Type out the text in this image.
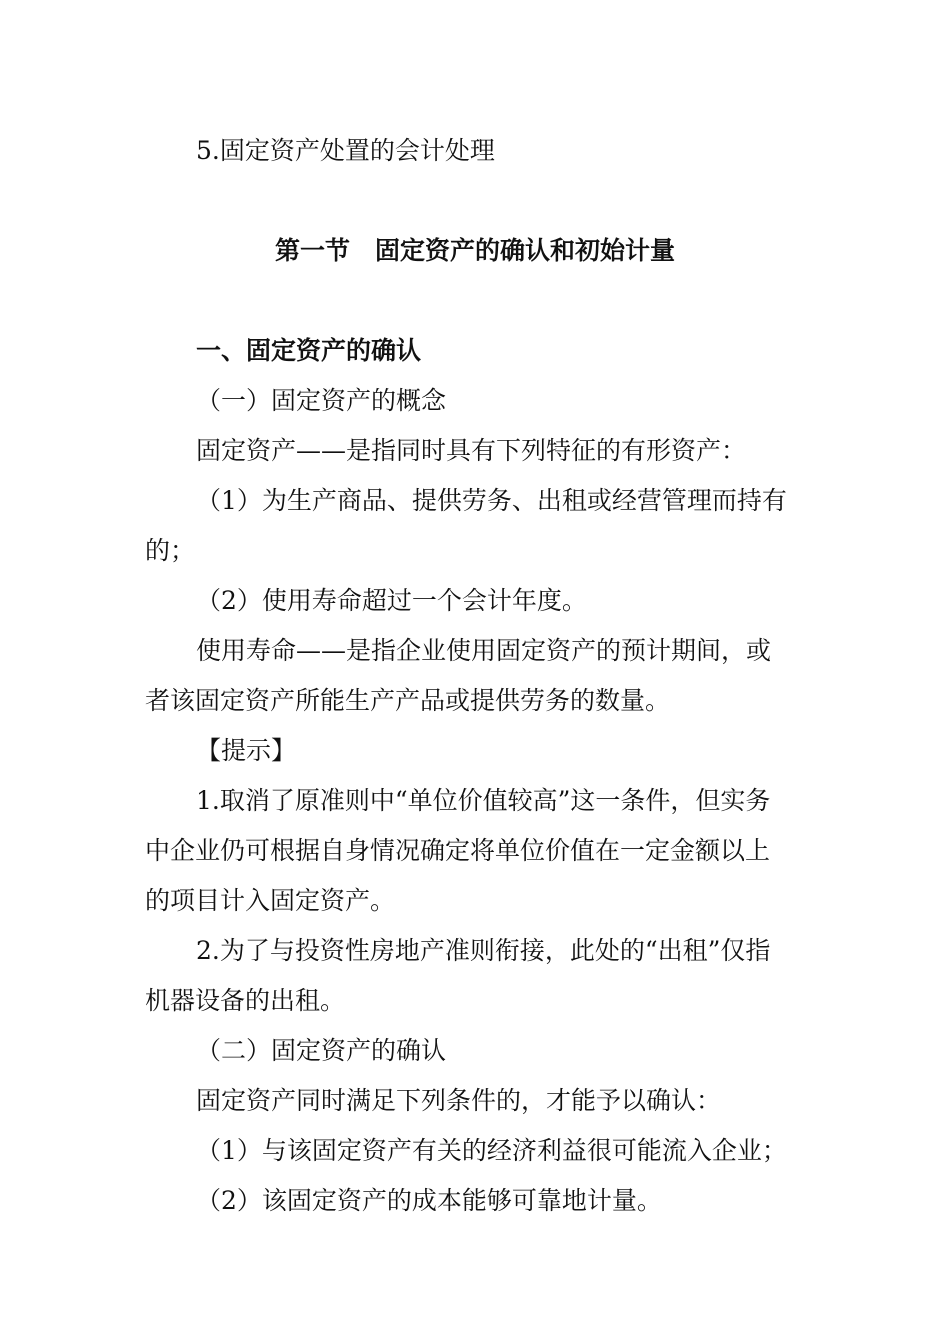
5.固定资产处置的会计处理
第一节　固定资产的确认和初始计量
一、固定资产的确认
（一）固定资产的概念
固定资产——是指同时具有下列特征的有形资产：
（1）为生产商品、提供劳务、出租或经营管理而持有
的；
（2）使用寿命超过一个会计年度。
使用寿命——是指企业使用固定资产的预计期间，或
者该固定资产所能生产产品或提供劳务的数量。
【提示】
1.取消了原准则中“单位价值较高”这一条件，但实务
中企业仍可根据自身情况确定将单位价值在一定金额以上
的项目计入固定资产。
2.为了与投资性房地产准则衔接，此处的“出租”仅指
机器设备的出租。
（二）固定资产的确认
固定资产同时满足下列条件的，才能予以确认：
（1）与该固定资产有关的经济利益很可能流入企业；
（2）该固定资产的成本能够可靠地计量。
